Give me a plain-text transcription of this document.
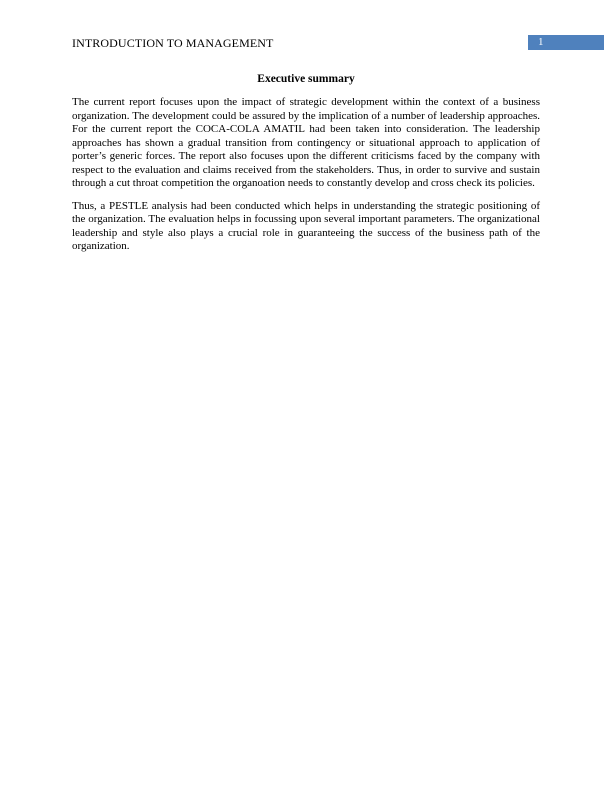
INTRODUCTION TO MANAGEMENT	1
Executive summary

The current report focuses upon the impact of strategic development within the context of a business organization. The development could be assured by the implication of a number of leadership approaches. For the current report the COCA-COLA AMATIL had been taken into consideration. The leadership approaches has shown a gradual transition from contingency or situational approach to application of porter’s generic forces. The report also focuses upon the different criticisms faced by the company with respect to the evaluation and claims received from the stakeholders. Thus, in order to survive and sustain through a cut throat competition the organoation needs to constantly develop and cross check its policies.

Thus, a PESTLE analysis had been conducted which helps in understanding the strategic positioning of the organization. The evaluation helps in focussing upon several important parameters. The organizational leadership and style also plays a crucial role in guaranteeing the success of the business path of the organization.
